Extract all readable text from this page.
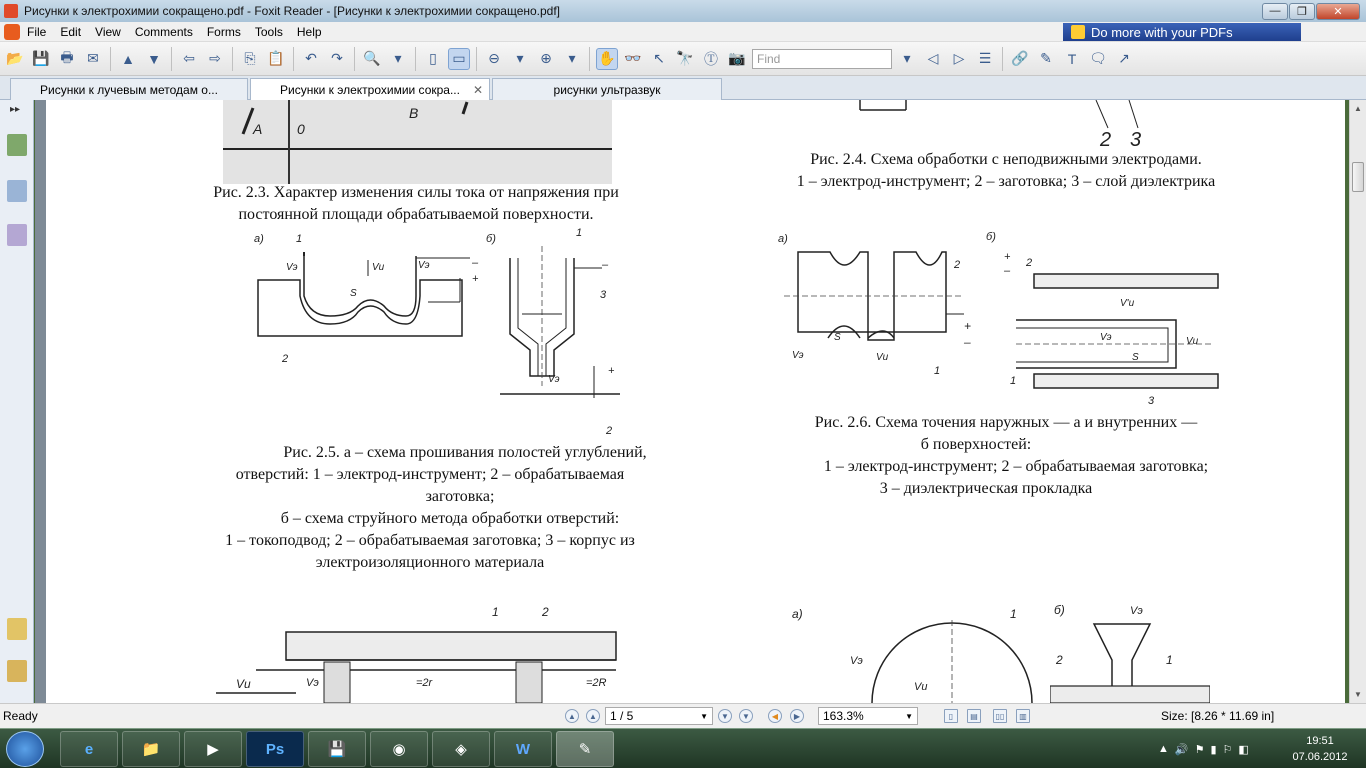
Рисунки к электрохимии сокращено.pdf - Foxit Reader - [Рисунки к электрохимии сокращено.pdf]	—	❐	✕
File	Edit	View	Comments	Forms	Tools	Help	Do more with your PDFs
📂 💾 🖶 ✉	▲ ▼	⇦	⇨	⎘ 📋	↶	↷	🔍 ▾	▯	▭	⊖	▾	⊕	▾	✋ 👓 ↖ 🔭 Ⓣ 📷 Find	▾	◁	▷	☰	🔗 ✎	T 🗨 ↗
Рисунки к лучевым методам о...	Рисунки к электрохимии сокра... ✕	рисунки ультразвук
▸▸
A 0
B
Рис. 2.3. Характер изменения силы тока от напряжения при
постоянной площади обрабатываемой поверхности.
2 3
Рис. 2.4. Схема обработки с неподвижными электродами.
1 – электрод-инструмент; 2 – заготовка; 3 – слой диэлектрика
а)	1
Vэ	Vи	Vэ
S
–
+
2
б)	1
3
Vэ
+
–
2
Рис. 2.5. а – схема прошивания полостей углублений,
отверстий: 1 – электрод-инструмент; 2 – обрабатываемая
заготовка;
б – схема струйного метода обработки отверстий:
1 – токоподвод; 2 – обрабатываемая заготовка; 3 – корпус из
электроизоляционного материала
а)
2
S
Vэ	Vи
+
–
1
б)
+
–
2
V'и
Vи
Vэ
S
1
3
Рис. 2.6. Схема точения наружных — а и внутренних —
б поверхностей:
1 – электрод-инструмент; 2 – обрабатываемая заготовка;
3 – диэлектрическая прокладка
1	2
Vи	Vэ	=2r	=2R
а)	1
Vэ
Vи
б)	Vэ
2	1
▲
▼
Ready	▲	▲ 1 / 5	▼	▼	▼	◀	▶	163.3%	▼	▯	▤	▯▯	▥	Size: [8.26 * 11.69 in]
e	📁	▶	Ps	💾	◉	◈	W	✎	▲ 🔊 ⚑ ▮ ⚐ ◧
19:51
07.06.2012
